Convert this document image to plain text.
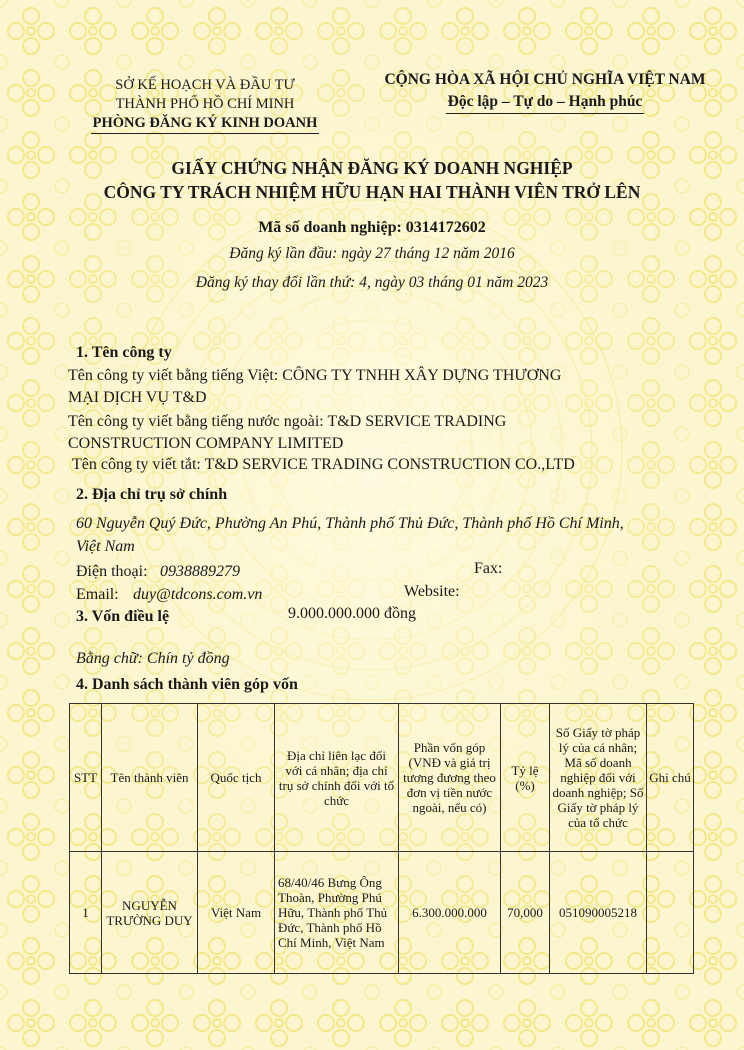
SỞ KẾ HOẠCH VÀ ĐẦU TƯ
THÀNH PHỐ HỒ CHÍ MINH
PHÒNG ĐĂNG KÝ KINH DOANH
CỘNG HÒA XÃ HỘI CHỦ NGHĨA VIỆT NAM
Độc lập – Tự do – Hạnh phúc
GIẤY CHỨNG NHẬN ĐĂNG KÝ DOANH NGHIỆP
CÔNG TY TRÁCH NHIỆM HỮU HẠN HAI THÀNH VIÊN TRỞ LÊN
Mã số doanh nghiệp: 0314172602
Đăng ký lần đầu: ngày 27 tháng 12 năm 2016
Đăng ký thay đổi lần thứ: 4, ngày 03 tháng 01 năm 2023
1. Tên công ty
Tên công ty viết bằng tiếng Việt: CÔNG TY TNHH XÂY DỰNG THƯƠNG
MẠI DỊCH VỤ T&D
Tên công ty viết bằng tiếng nước ngoài: T&D SERVICE TRADING
CONSTRUCTION COMPANY LIMITED
Tên công ty viết tắt: T&D SERVICE TRADING CONSTRUCTION CO.,LTD
2. Địa chỉ trụ sở chính
60 Nguyễn Quý Đức, Phường An Phú, Thành phố Thủ Đức, Thành phố Hồ Chí Minh,
Việt Nam
Điện thoại: 0938889279	Fax:
Email: duy@tdcons.com.vn	Website:
3. Vốn điều lệ	9.000.000.000 đồng
Bằng chữ: Chín tỷ đồng
4. Danh sách thành viên góp vốn
STT	Tên thành viên	Quốc tịch	Địa chỉ liên lạc đối với cá nhân; địa chỉ trụ sở chính đối với tổ chức	Phần vốn góp (VNĐ và giá trị tương đương theo đơn vị tiền nước ngoài, nếu có)	Tỷ lệ (%)	Số Giấy tờ pháp lý của cá nhân; Mã số doanh nghiệp đối với doanh nghiệp; Số Giấy tờ pháp lý của tổ chức	Ghi chú
1	NGUYỄN TRƯỜNG DUY	Việt Nam	68/40/46 Bưng Ông Thoàn, Phường Phú Hữu, Thành phố Thủ Đức, Thành phố Hồ Chí Minh, Việt Nam	6.300.000.000	70,000	051090005218	
